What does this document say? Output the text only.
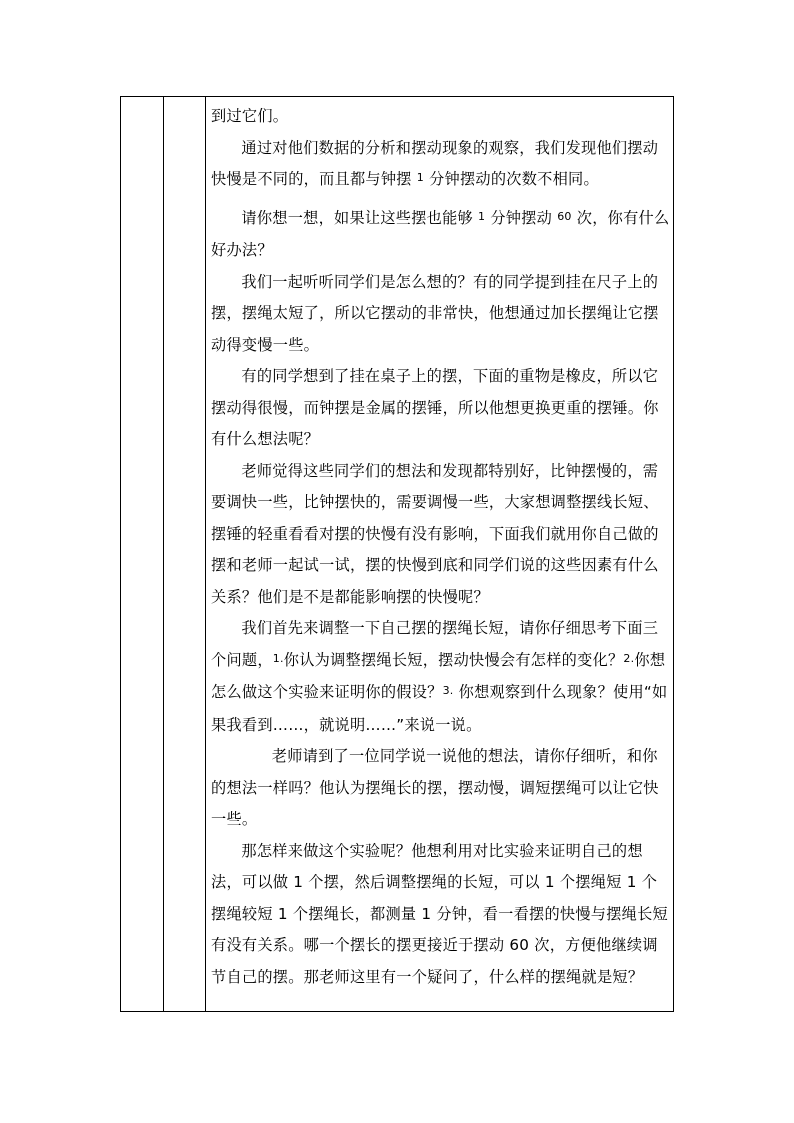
到过它们。

通过对他们数据的分析和摆动现象的观察，我们发现他们摆动快慢是不同的，而且都与钟摆 1 分钟摆动的次数不相同。

请你想一想，如果让这些摆也能够 1 分钟摆动 60 次，你有什么好办法？

我们一起听听同学们是怎么想的？有的同学提到挂在尺子上的摆，摆绳太短了，所以它摆动的非常快，他想通过加长摆绳让它摆动得变慢一些。

有的同学想到了挂在桌子上的摆，下面的重物是橡皮，所以它摆动得很慢，而钟摆是金属的摆锤，所以他想更换更重的摆锤。你有什么想法呢？

老师觉得这些同学们的想法和发现都特别好，比钟摆慢的，需要调快一些，比钟摆快的，需要调慢一些，大家想调整摆线长短、摆锤的轻重看看对摆的快慢有没有影响，下面我们就用你自己做的摆和老师一起试一试，摆的快慢到底和同学们说的这些因素有什么关系？他们是不是都能影响摆的快慢呢？

我们首先来调整一下自己摆的摆绳长短，请你仔细思考下面三个问题，1.你认为调整摆绳长短，摆动快慢会有怎样的变化？2.你想怎么做这个实验来证明你的假设？3. 你想观察到什么现象？使用“如果我看到……，就说明……”来说一说。

老师请到了一位同学说一说他的想法，请你仔细听，和你的想法一样吗？他认为摆绳长的摆，摆动慢，调短摆绳可以让它快一些。

那怎样来做这个实验呢？他想利用对比实验来证明自己的想法，可以做 1 个摆，然后调整摆绳的长短，可以 1 个摆绳短 1 个摆绳较短 1 个摆绳长，都测量 1 分钟，看一看摆的快慢与摆绳长短有没有关系。哪一个摆长的摆更接近于摆动 60 次，方便他继续调节自己的摆。那老师这里有一个疑问了，什么样的摆绳就是短？
